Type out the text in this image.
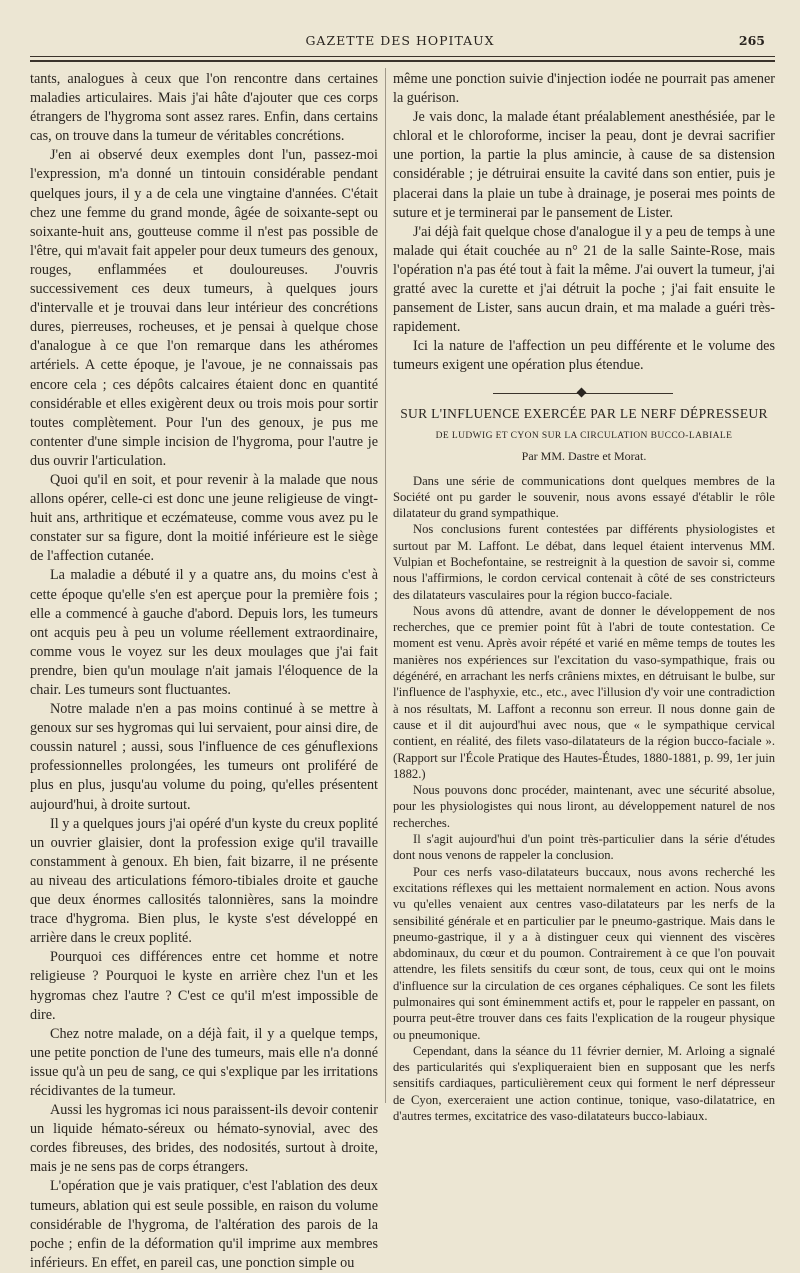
GAZETTE DES HOPITAUX	265

tants, analogues à ceux que l'on rencontre dans certaines maladies articulaires. Mais j'ai hâte d'ajouter que ces corps étrangers de l'hygroma sont assez rares. Enfin, dans certains cas, on trouve dans la tumeur de véritables concrétions.

J'en ai observé deux exemples dont l'un, passez-moi l'expression, m'a donné un tintouin considérable pendant quelques jours, il y a de cela une vingtaine d'années. C'était chez une femme du grand monde, âgée de soixante-sept ou soixante-huit ans, goutteuse comme il n'est pas possible de l'être, qui m'avait fait appeler pour deux tumeurs des genoux, rouges, enflammées et douloureuses. J'ouvris successivement ces deux tumeurs, à quelques jours d'intervalle et je trouvai dans leur intérieur des concrétions dures, pierreuses, rocheuses, et je pensai à quelque chose d'analogue à ce que l'on remarque dans les athéromes artériels. A cette époque, je l'avoue, je ne connaissais pas encore cela ; ces dépôts calcaires étaient donc en quantité considérable et elles exigèrent deux ou trois mois pour sortir toutes complètement. Pour l'un des genoux, je pus me contenter d'une simple incision de l'hygroma, pour l'autre je dus ouvrir l'articulation.

Quoi qu'il en soit, et pour revenir à la malade que nous allons opérer, celle-ci est donc une jeune religieuse de vingt-huit ans, arthritique et eczémateuse, comme vous avez pu le constater sur sa figure, dont la moitié inférieure est le siège de l'affection cutanée.

La maladie a débuté il y a quatre ans, du moins c'est à cette époque qu'elle s'en est aperçue pour la première fois ; elle a commencé à gauche d'abord. Depuis lors, les tumeurs ont acquis peu à peu un volume réellement extraordinaire, comme vous le voyez sur les deux moulages que j'ai fait prendre, bien qu'un moulage n'ait jamais l'éloquence de la chair. Les tumeurs sont fluctuantes.

Notre malade n'en a pas moins continué à se mettre à genoux sur ses hygromas qui lui servaient, pour ainsi dire, de coussin naturel ; aussi, sous l'influence de ces génuflexions professionnelles prolongées, les tumeurs ont proliféré de plus en plus, jusqu'au volume du poing, qu'elles présentent aujourd'hui, à droite surtout.

Il y a quelques jours j'ai opéré d'un kyste du creux poplité un ouvrier glaisier, dont la profession exige qu'il travaille constamment à genoux. Eh bien, fait bizarre, il ne présente au niveau des articulations fémoro-tibiales droite et gauche que deux énormes callosités talonnières, sans la moindre trace d'hygroma. Bien plus, le kyste s'est développé en arrière dans le creux poplité.

Pourquoi ces différences entre cet homme et notre religieuse ? Pourquoi le kyste en arrière chez l'un et les hygromas chez l'autre ? C'est ce qu'il m'est impossible de dire.

Chez notre malade, on a déjà fait, il y a quelque temps, une petite ponction de l'une des tumeurs, mais elle n'a donné issue qu'à un peu de sang, ce qui s'explique par les irritations récidivantes de la tumeur.

Aussi les hygromas ici nous paraissent-ils devoir contenir un liquide hémato-séreux ou hémato-synovial, avec des cordes fibreuses, des brides, des nodosités, surtout à droite, mais je ne sens pas de corps étrangers.

L'opération que je vais pratiquer, c'est l'ablation des deux tumeurs, ablation qui est seule possible, en raison du volume considérable de l'hygroma, de l'altération des parois de la poche ; enfin de la déformation qu'il imprime aux membres inférieurs. En effet, en pareil cas, une ponction simple ou

même une ponction suivie d'injection iodée ne pourrait pas amener la guérison.

Je vais donc, la malade étant préalablement anesthésiée, par le chloral et le chloroforme, inciser la peau, dont je devrai sacrifier une portion, la partie la plus amincie, à cause de sa distension considérable ; je détruirai ensuite la cavité dans son entier, puis je placerai dans la plaie un tube à drainage, je poserai mes points de suture et je terminerai par le pansement de Lister.

J'ai déjà fait quelque chose d'analogue il y a peu de temps à une malade qui était couchée au n° 21 de la salle Sainte-Rose, mais l'opération n'a pas été tout à fait la même. J'ai ouvert la tumeur, j'ai gratté avec la curette et j'ai détruit la poche ; j'ai fait ensuite le pansement de Lister, sans aucun drain, et ma malade a guéri très-rapidement.

Ici la nature de l'affection un peu différente et le volume des tumeurs exigent une opération plus étendue.

SUR L'INFLUENCE EXERCÉE PAR LE NERF DÉPRESSEUR
DE LUDWIG ET CYON SUR LA CIRCULATION BUCCO-LABIALE
Par MM. Dastre et Morat.

Dans une série de communications dont quelques membres de la Société ont pu garder le souvenir, nous avons essayé d'établir le rôle dilatateur du grand sympathique.

Nos conclusions furent contestées par différents physiologistes et surtout par M. Laffont. Le débat, dans lequel étaient intervenus MM. Vulpian et Bochefontaine, se restreignit à la question de savoir si, comme nous l'affirmions, le cordon cervical contenait à côté de ses constricteurs des dilatateurs vasculaires pour la région bucco-faciale.

Nous avons dû attendre, avant de donner le développement de nos recherches, que ce premier point fût à l'abri de toute contestation. Ce moment est venu. Après avoir répété et varié en même temps de toutes les manières nos expériences sur l'excitation du vaso-sympathique, frais ou dégénéré, en arrachant les nerfs crâniens mixtes, en détruisant le bulbe, sur l'influence de l'asphyxie, etc., etc., avec l'illusion d'y voir une contradiction à nos résultats, M. Laffont a reconnu son erreur. Il nous donne gain de cause et il dit aujourd'hui avec nous, que « le sympathique cervical contient, en réalité, des filets vaso-dilatateurs de la région bucco-faciale ». (Rapport sur l'École Pratique des Hautes-Études, 1880-1881, p. 99, 1er juin 1882.)

Nous pouvons donc procéder, maintenant, avec une sécurité absolue, pour les physiologistes qui nous liront, au développement naturel de nos recherches.

Il s'agit aujourd'hui d'un point très-particulier dans la série d'études dont nous venons de rappeler la conclusion.

Pour ces nerfs vaso-dilatateurs buccaux, nous avons recherché les excitations réflexes qui les mettaient normalement en action. Nous avons vu qu'elles venaient aux centres vaso-dilatateurs par les nerfs de la sensibilité générale et en particulier par le pneumo-gastrique. Mais dans le pneumo-gastrique, il y a à distinguer ceux qui viennent des viscères abdominaux, du cœur et du poumon. Contrairement à ce que l'on pouvait attendre, les filets sensitifs du cœur sont, de tous, ceux qui ont le moins d'influence sur la circulation de ces organes céphaliques. Ce sont les filets pulmonaires qui sont éminemment actifs et, pour le rappeler en passant, on pourra peut-être trouver dans ces faits l'explication de la rougeur physique ou pneumonique.

Cependant, dans la séance du 11 février dernier, M. Arloing a signalé des particularités qui s'expliqueraient bien en supposant que les nerfs sensitifs cardiaques, particulièrement ceux qui forment le nerf dépresseur de Cyon, exerceraient une action continue, tonique, vaso-dilatatrice, en d'autres termes, excitatrice des vaso-dilatateurs bucco-labiaux.
